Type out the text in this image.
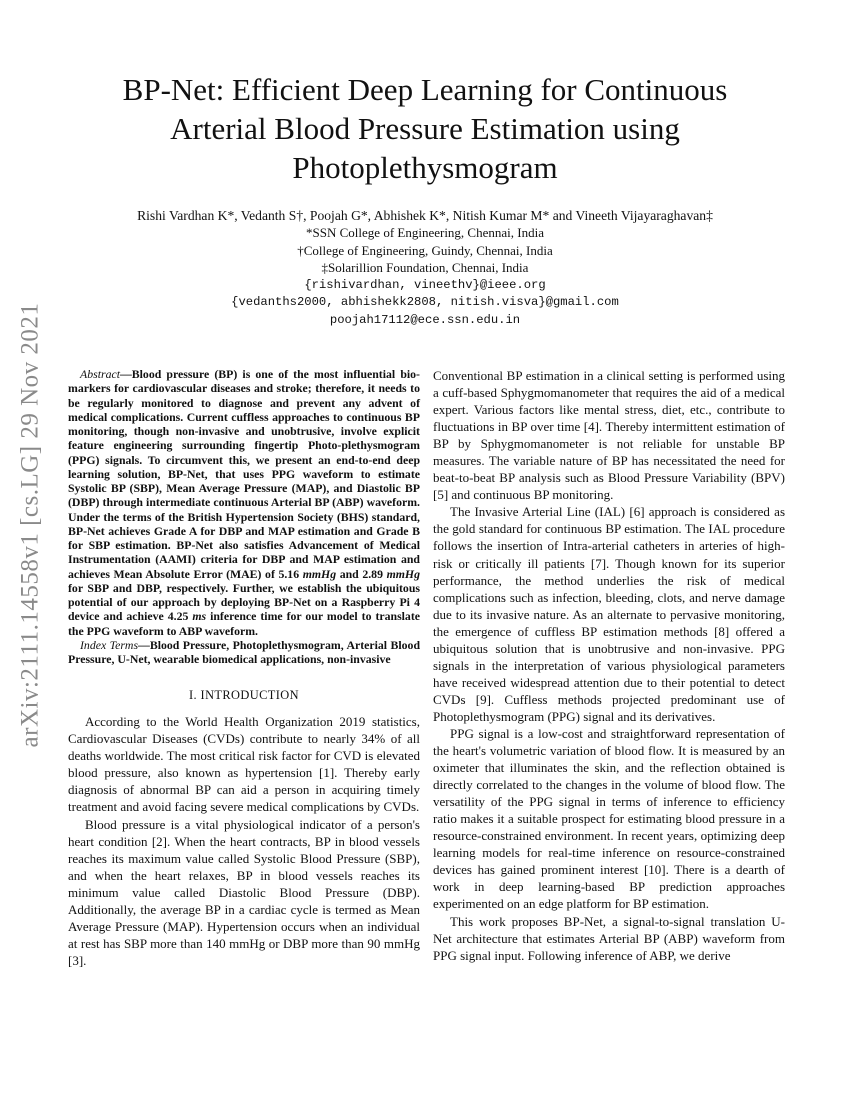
arXiv:2111.14558v1 [cs.LG] 29 Nov 2021
BP-Net: Efficient Deep Learning for Continuous
Arterial Blood Pressure Estimation using
Photoplethysmogram
Rishi Vardhan K*, Vedanth S†, Poojah G*, Abhishek K*, Nitish Kumar M* and Vineeth Vijayaraghavan‡
*SSN College of Engineering, Chennai, India
†College of Engineering, Guindy, Chennai, India
‡Solarillion Foundation, Chennai, India
{rishivardhan, vineethv}@ieee.org
{vedanths2000, abhishekk2808, nitish.visva}@gmail.com
poojah17112@ece.ssn.edu.in

Abstract—Blood pressure (BP) is one of the most influential bio-markers for cardiovascular diseases and stroke; therefore, it needs to be regularly monitored to diagnose and prevent any advent of medical complications. Current cuffless approaches to continuous BP monitoring, though non-invasive and unobtrusive, involve explicit feature engineering surrounding fingertip Photo-plethysmogram (PPG) signals. To circumvent this, we present an end-to-end deep learning solution, BP-Net, that uses PPG waveform to estimate Systolic BP (SBP), Mean Average Pressure (MAP), and Diastolic BP (DBP) through intermediate continuous Arterial BP (ABP) waveform. Under the terms of the British Hypertension Society (BHS) standard, BP-Net achieves Grade A for DBP and MAP estimation and Grade B for SBP estimation. BP-Net also satisfies Advancement of Medical Instrumentation (AAMI) criteria for DBP and MAP estimation and achieves Mean Absolute Error (MAE) of 5.16 mmHg and 2.89 mmHg for SBP and DBP, respectively. Further, we establish the ubiquitous potential of our approach by deploying BP-Net on a Raspberry Pi 4 device and achieve 4.25 ms inference time for our model to translate the PPG waveform to ABP waveform.

Index Terms—Blood Pressure, Photoplethysmogram, Arterial Blood Pressure, U-Net, wearable biomedical applications, non-invasive

I. INTRODUCTION

According to the World Health Organization 2019 statistics, Cardiovascular Diseases (CVDs) contribute to nearly 34% of all deaths worldwide. The most critical risk factor for CVD is elevated blood pressure, also known as hypertension [1]. Thereby early diagnosis of abnormal BP can aid a person in acquiring timely treatment and avoid facing severe medical complications by CVDs.

Blood pressure is a vital physiological indicator of a person's heart condition [2]. When the heart contracts, BP in blood vessels reaches its maximum value called Systolic Blood Pressure (SBP), and when the heart relaxes, BP in blood vessels reaches its minimum value called Diastolic Blood Pressure (DBP). Additionally, the average BP in a cardiac cycle is termed as Mean Average Pressure (MAP). Hypertension occurs when an individual at rest has SBP more than 140 mmHg or DBP more than 90 mmHg [3].

Conventional BP estimation in a clinical setting is performed using a cuff-based Sphygmomanometer that requires the aid of a medical expert. Various factors like mental stress, diet, etc., contribute to fluctuations in BP over time [4]. Thereby intermittent estimation of BP by Sphygmomanometer is not reliable for unstable BP measures. The variable nature of BP has necessitated the need for beat-to-beat BP analysis such as Blood Pressure Variability (BPV) [5] and continuous BP monitoring.

The Invasive Arterial Line (IAL) [6] approach is considered as the gold standard for continuous BP estimation. The IAL procedure follows the insertion of Intra-arterial catheters in arteries of high-risk or critically ill patients [7]. Though known for its superior performance, the method underlies the risk of medical complications such as infection, bleeding, clots, and nerve damage due to its invasive nature. As an alternate to pervasive monitoring, the emergence of cuffless BP estimation methods [8] offered a ubiquitous solution that is unobtrusive and non-invasive. PPG signals in the interpretation of various physiological parameters have received widespread attention due to their potential to detect CVDs [9]. Cuffless methods projected predominant use of Photoplethysmogram (PPG) signal and its derivatives.

PPG signal is a low-cost and straightforward representation of the heart's volumetric variation of blood flow. It is measured by an oximeter that illuminates the skin, and the reflection obtained is directly correlated to the changes in the volume of blood flow. The versatility of the PPG signal in terms of inference to efficiency ratio makes it a suitable prospect for estimating blood pressure in a resource-constrained environment. In recent years, optimizing deep learning models for real-time inference on resource-constrained devices has gained prominent interest [10]. There is a dearth of work in deep learning-based BP prediction approaches experimented on an edge platform for BP estimation.

This work proposes BP-Net, a signal-to-signal translation U-Net architecture that estimates Arterial BP (ABP) waveform from PPG signal input. Following inference of ABP, we derive
